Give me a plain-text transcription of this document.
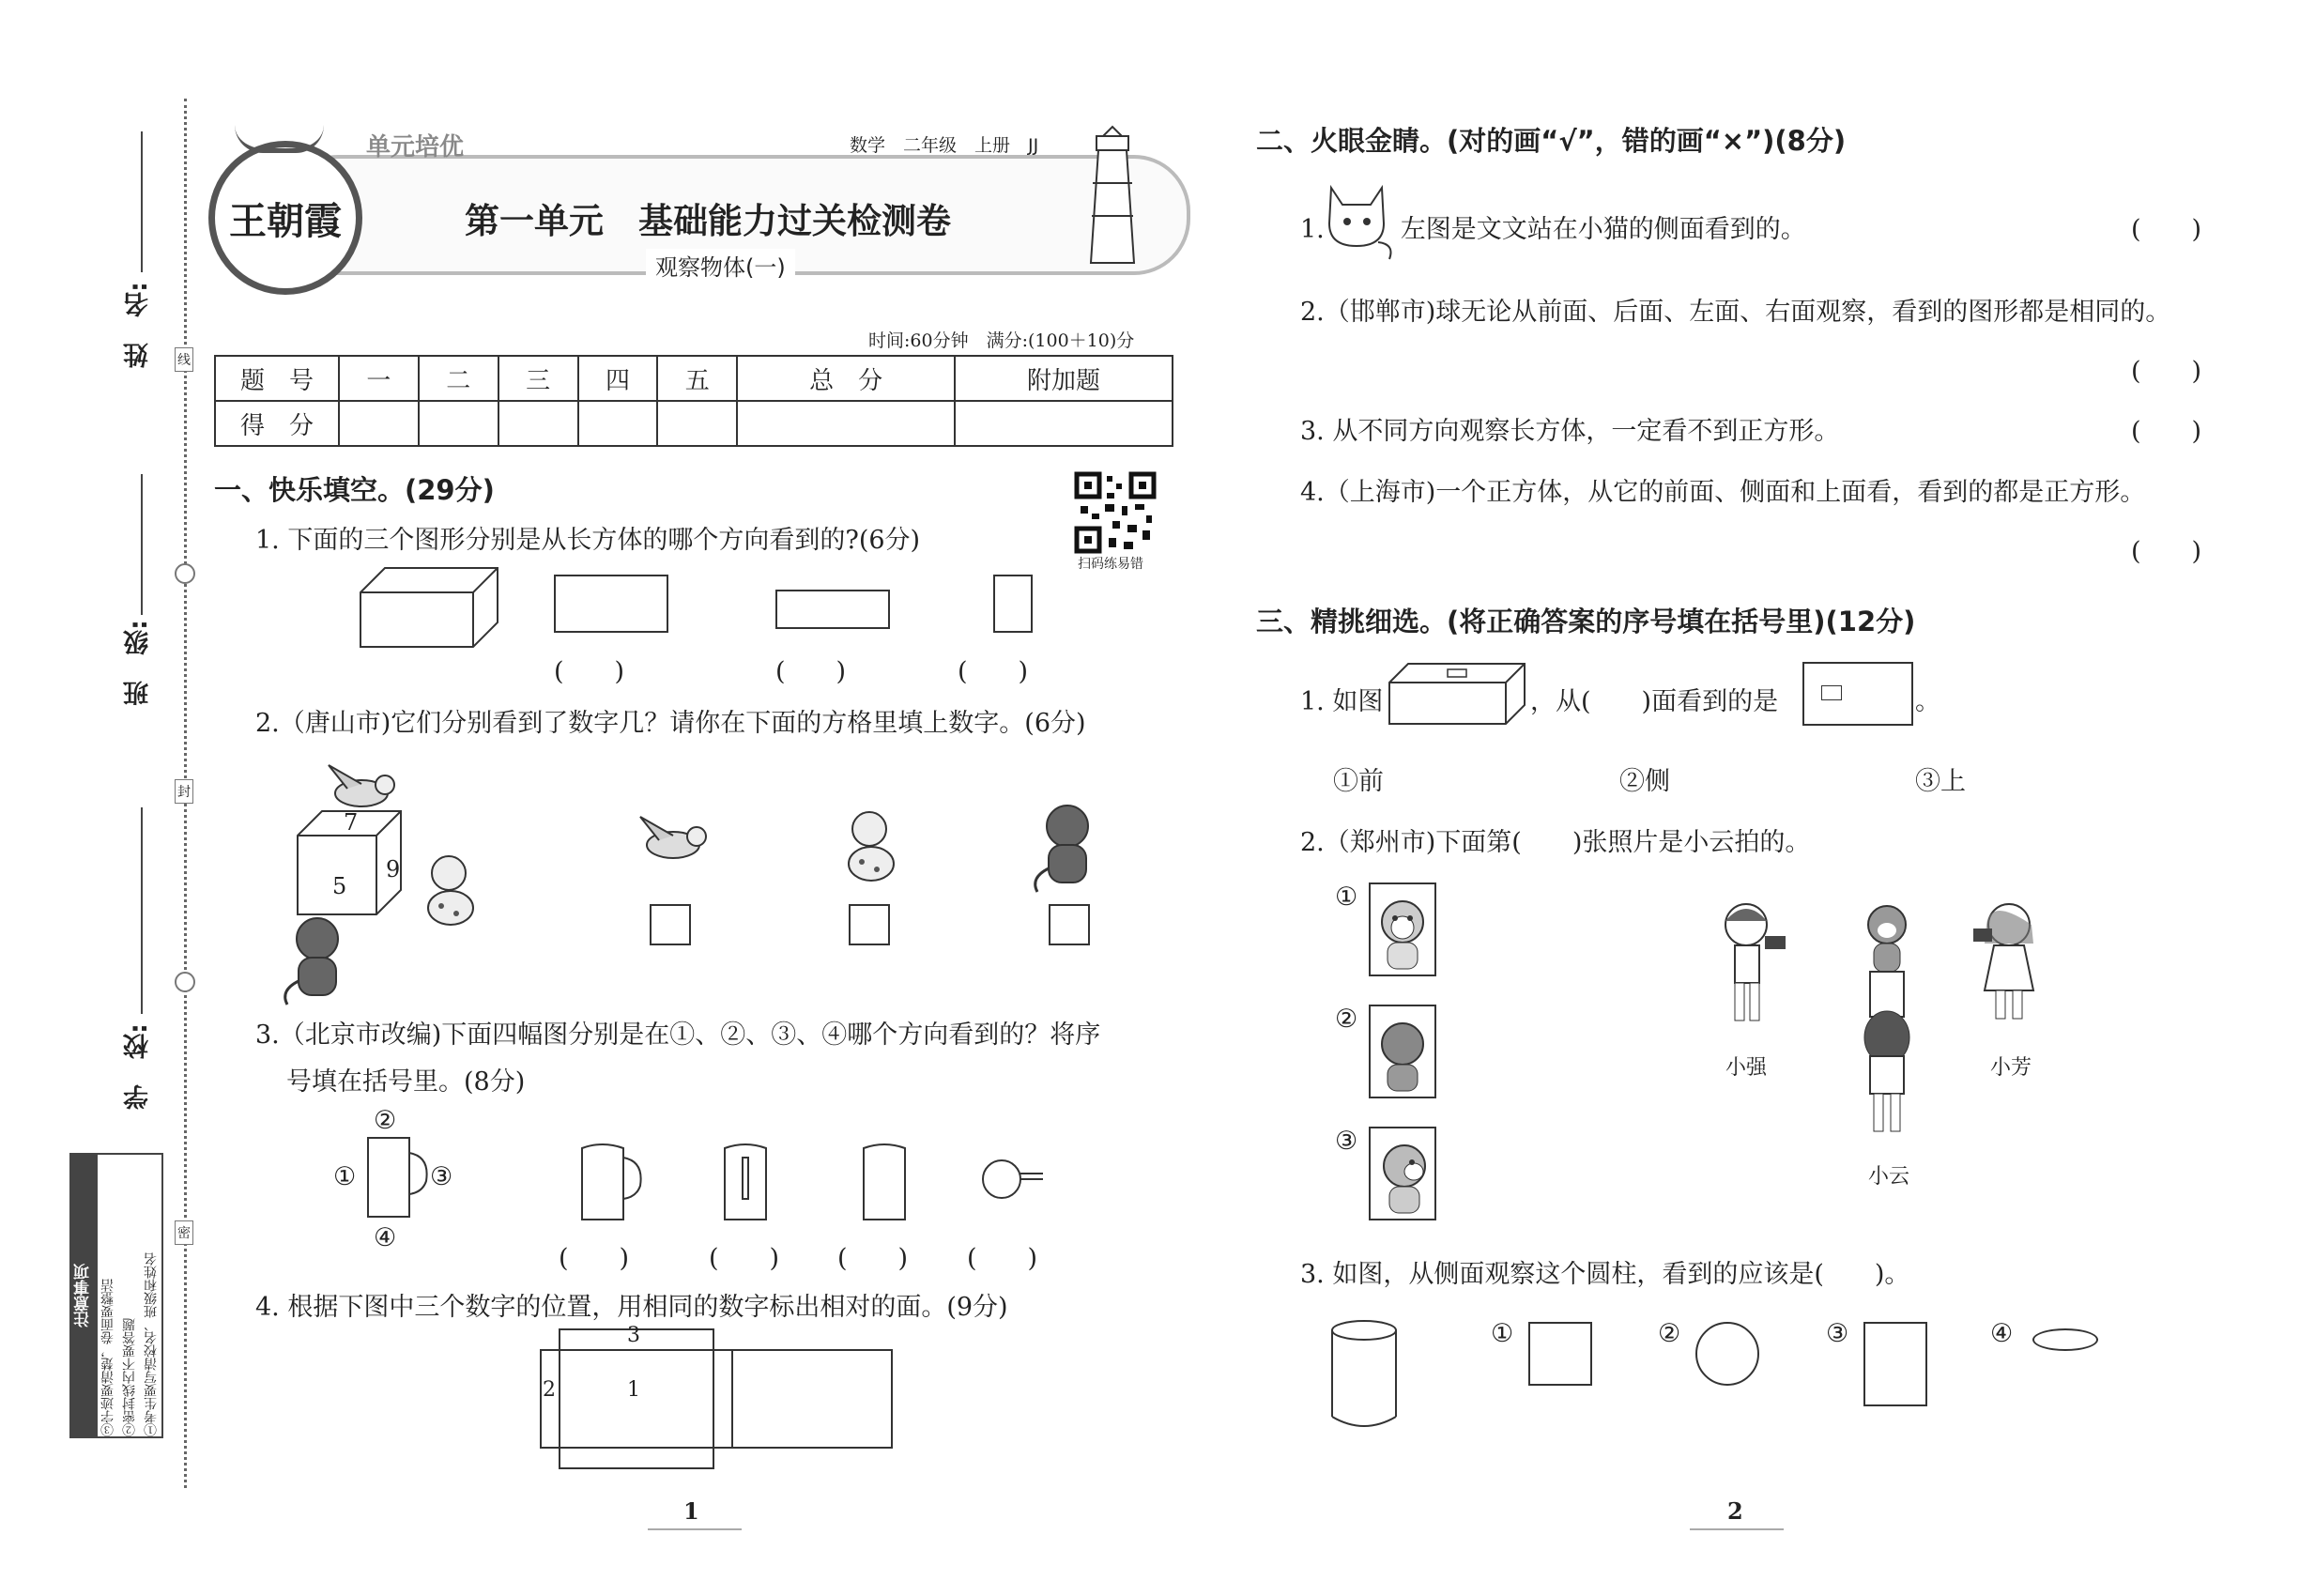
姓　名:
班　级:
学　校:
线
封
密
注意事项	①考生要写清校名、班级和姓名
②密封线内不要答题
③字迹要清楚，卷面要整洁
王朝霞
单元培优	数学　二年级　上册　JJ
第一单元　基础能力过关检测卷
观察物体(一)
时间:60分钟　满分:(100＋10)分
题　号	一	二	三	四	五	总　分	附加题
得　分							
一、快乐填空。(29分)
扫码练易错
1. 下面的三个图形分别是从长方体的哪个方向看到的?(6分)
(　　)	(　　)	(　　)
2.（唐山市)它们分别看到了数字几？请你在下面的方格里填上数字。(6分)
7
5
9
3.（北京市改编)下面四幅图分别是在①、②、③、④哪个方向看到的？将序
号填在括号里。(8分)
①
②
③
④
(　　)	(　　) (　　) (　　)
4. 根据下图中三个数字的位置，用相同的数字标出相对的面。(9分)
3
2	1
1
二、火眼金睛。(对的画“√”，错的画“×”)(8分)
1.　　　左图是文文站在小猫的侧面看到的。	(　　)
2.（邯郸市)球无论从前面、后面、左面、右面观察，看到的图形都是相同的。
(　　)
3. 从不同方向观察长方体，一定看不到正方形。	(　　)
4.（上海市)一个正方体，从它的前面、侧面和上面看，看到的都是正方形。
(　　)
三、精挑细选。(将正确答案的序号填在括号里)(12分)
1. 如图	，从(　　)面看到的是	。
①前	②侧	③上
2.（郑州市)下面第(　　)张照片是小云拍的。
①
②
③
小强	小芳
小云
3. 如图，从侧面观察这个圆柱，看到的应该是(　　)。
①	②	③	④
2
